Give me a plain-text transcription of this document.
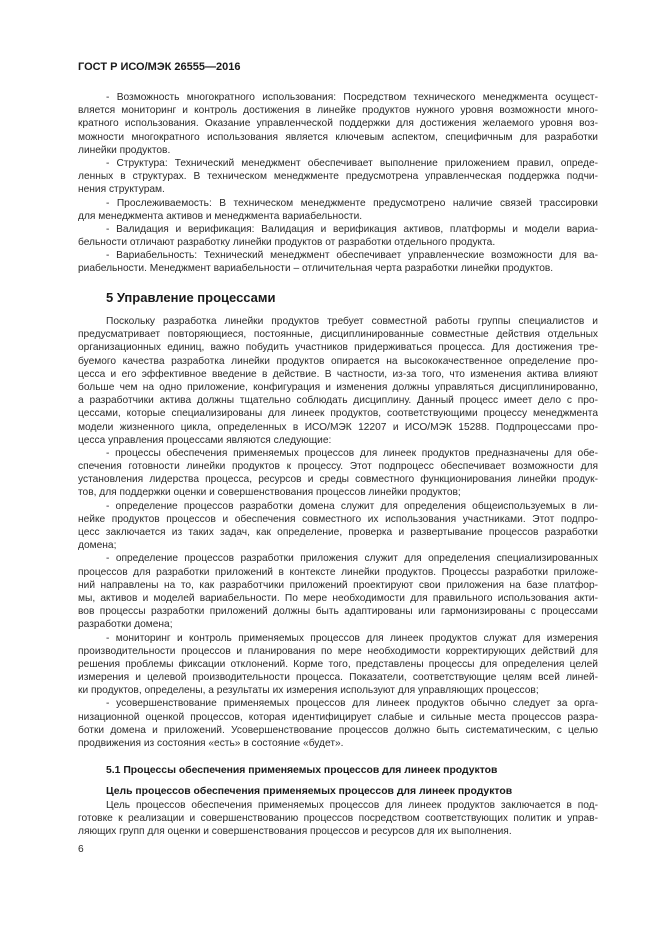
ГОСТ Р ИСО/МЭК 26555—2016
- Возможность многократного использования: Посредством технического менеджмента осущест-
вляется мониторинг и контроль достижения в линейке продуктов нужного уровня возможности много-
кратного использования. Оказание управленческой поддержки для достижения желаемого уровня воз-
можности многократного использования является ключевым аспектом, специфичным для разработки
линейки продуктов.
- Структура: Технический менеджмент обеспечивает выполнение приложением правил, опреде-
ленных в структурах. В техническом менеджменте предусмотрена управленческая поддержка подчи-
нения структурам.
- Прослеживаемость: В техническом менеджменте предусмотрено наличие связей трассировки
для менеджмента активов и менеджмента вариабельности.
- Валидация и верификация: Валидация и верификация активов, платформы и модели вариа-
бельности отличают разработку линейки продуктов от разработки отдельного продукта.
- Вариабельность: Технический менеджмент обеспечивает управленческие возможности для ва-
риабельности. Менеджмент вариабельности – отличительная черта разработки линейки продуктов.
5 Управление процессами
Поскольку разработка линейки продуктов требует совместной работы группы специалистов и
предусматривает повторяющиеся, постоянные, дисциплинированные совместные действия отдельных
организационных единиц, важно побудить участников придерживаться процесса. Для достижения тре-
буемого качества разработка линейки продуктов опирается на высококачественное определение про-
цесса и его эффективное введение в действие. В частности, из-за того, что изменения актива влияют
больше чем на одно приложение, конфигурация и изменения должны управляться дисциплинированно,
а разработчики актива должны тщательно соблюдать дисциплину. Данный процесс имеет дело с про-
цессами, которые специализированы для линеек продуктов, соответствующими процессу менеджмента
модели жизненного цикла, определенных в ИСО/МЭК 12207 и ИСО/МЭК 15288. Подпроцессами про-
цесса управления процессами являются следующие:
- процессы обеспечения применяемых процессов для линеек продуктов предназначены для обе-
спечения готовности линейки продуктов к процессу. Этот подпроцесс обеспечивает возможности для
установления лидерства процесса, ресурсов и среды совместного функционирования линейки продук-
тов, для поддержки оценки и совершенствования процессов линейки продуктов;
- определение процессов разработки домена служит для определения общеиспользуемых в ли-
нейке продуктов процессов и обеспечения совместного их использования участниками. Этот подпро-
цесс заключается из таких задач, как определение, проверка и развертывание процессов разработки
домена;
- определение процессов разработки приложения служит для определения специализированных
процессов для разработки приложений в контексте линейки продуктов. Процессы разработки приложе-
ний направлены на то, как разработчики приложений проектируют свои приложения на базе платфор-
мы, активов и моделей вариабельности. По мере необходимости для правильного использования акти-
вов процессы разработки приложений должны быть адаптированы или гармонизированы с процессами
разработки домена;
- мониторинг и контроль применяемых процессов для линеек продуктов служат для измерения
производительности процессов и планирования по мере необходимости корректирующих действий для
решения проблемы фиксации отклонений. Корме того, представлены процессы для определения целей
измерения и целевой производительности процесса. Показатели, соответствующие целям всей линей-
ки продуктов, определены, а результаты их измерения используют для управляющих процессов;
- усовершенствование применяемых процессов для линеек продуктов обычно следует за орга-
низационной оценкой процессов, которая идентифицирует слабые и сильные места процессов разра-
ботки домена и приложений. Усовершенствование процессов должно быть систематическим, с целью
продвижения из состояния «есть» в состояние «будет».
5.1 Процессы обеспечения применяемых процессов для линеек продуктов
Цель процессов обеспечения применяемых процессов для линеек продуктов
Цель процессов обеспечения применяемых процессов для линеек продуктов заключается в под-
готовке к реализации и совершенствованию процессов посредством соответствующих политик и управ-
ляющих групп для оценки и совершенствования процессов и ресурсов для их выполнения.
6
